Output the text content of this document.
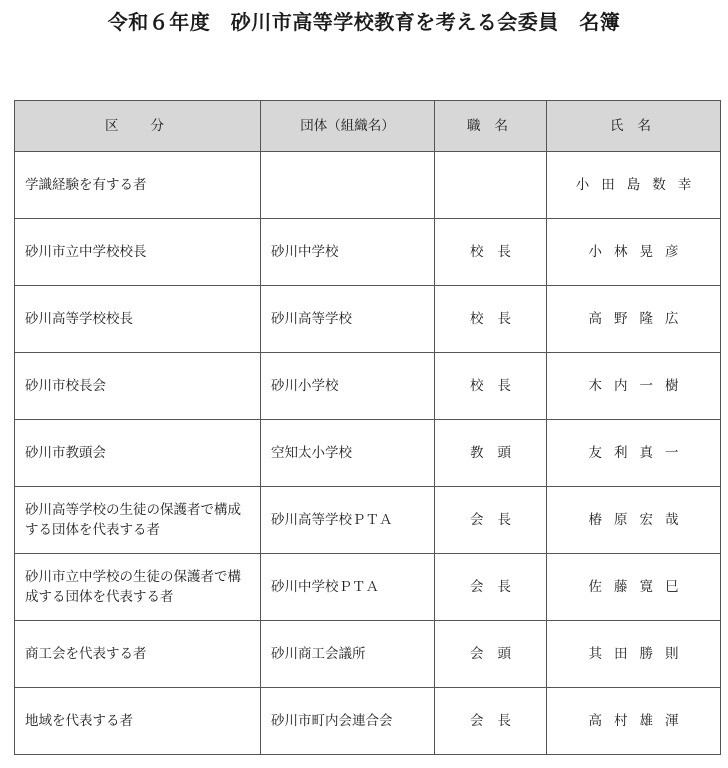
令和６年度　砂川市高等学校教育を考える会委員　名簿
区分	団体（組織名）	職名	氏名
学識経験を有する者			小田島数幸
砂川市立中学校校長	砂川中学校	校長	小林晃彦
砂川高等学校校長	砂川高等学校	校長	高野隆広
砂川市校長会	砂川小学校	校長	木内一樹
砂川市教頭会	空知太小学校	教頭	友利真一
砂川高等学校の生徒の保護者で構成する団体を代表する者	砂川高等学校ＰＴＡ	会長	椿原宏哉
砂川市立中学校の生徒の保護者で構成する団体を代表する者	砂川中学校ＰＴＡ	会長	佐藤寛巳
商工会を代表する者	砂川商工会議所	会頭	其田勝則
地域を代表する者	砂川市町内会連合会	会長	高村雄渾
